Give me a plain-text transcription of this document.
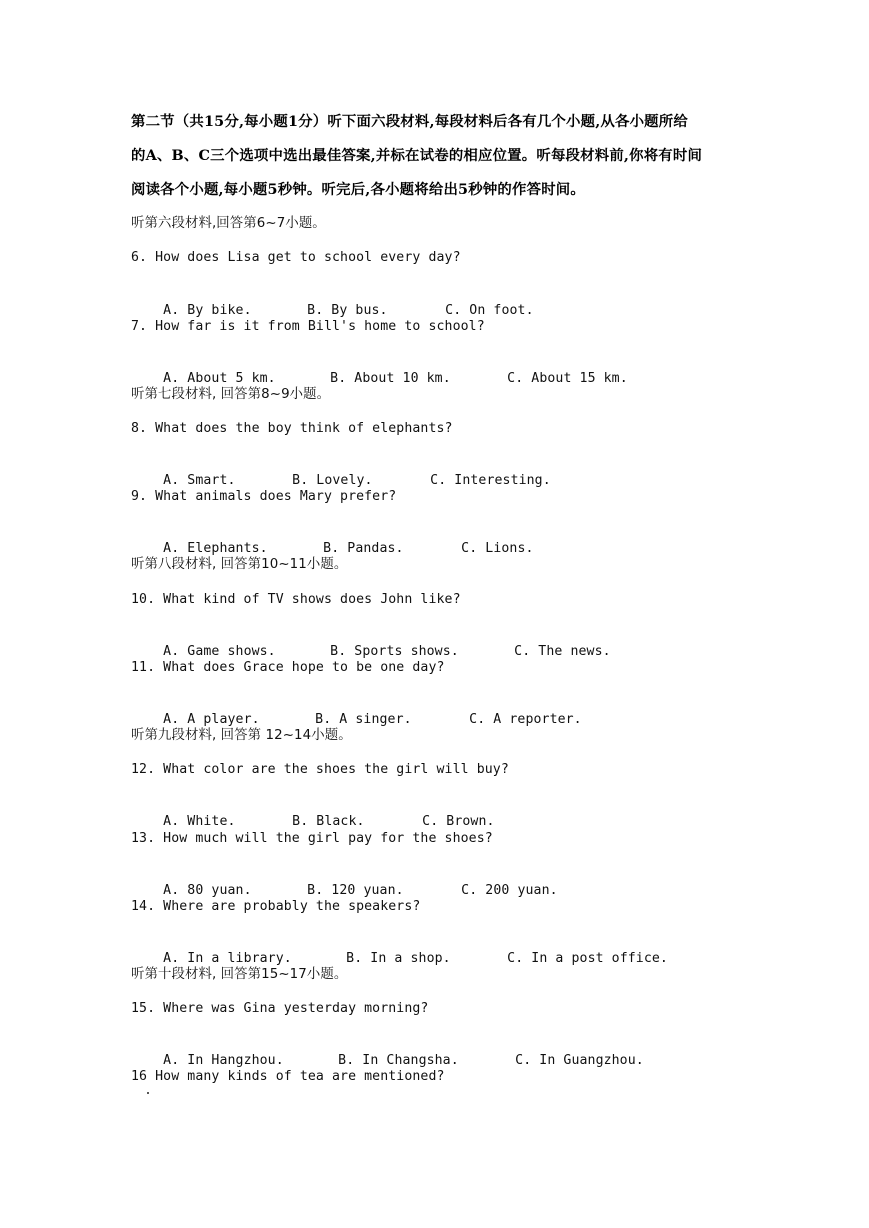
第二节（共15分,每小题1分）听下面六段材料,每段材料后各有几个小题,从各小题所给
的A、B、C三个选项中选出最佳答案,并标在试卷的相应位置。听每段材料前,你将有时间
阅读各个小题,每小题5秒钟。听完后,各小题将给出5秒钟的作答时间。
听第六段材料,回答第6~7小题。
6. How does Lisa get to school every day?

A. By bike.	B. By bus.	C. On foot.

7. How far is it from Bill's home to school?

A. About 5 km.	B. About 10 km.	C. About 15 km.

听第七段材料, 回答第8~9小题。
8. What does the boy think of elephants?

A. Smart.	B. Lovely.	C. Interesting.

9. What animals does Mary prefer?

A. Elephants.	B. Pandas.	C. Lions.

听第八段材料, 回答第10~11小题。
10. What kind of TV shows does John like?

A. Game shows.	B. Sports shows.	C. The news.

11. What does Grace hope to be one day?

A. A player.	B. A singer.	C. A reporter.

听第九段材料, 回答第 12~14小题。
12. What color are the shoes the girl will buy?

A. White.	B. Black.	C. Brown.

13. How much will the girl pay for the shoes?

A. 80 yuan.	B. 120 yuan.	C. 200 yuan.

14. Where are probably the speakers?

A. In a library.	B. In a shop.	C. In a post office.

听第十段材料, 回答第15~17小题。
15. Where was Gina yesterday morning?

A. In Hangzhou.	B. In Changsha.	C. In Guangzhou.

16 How many kinds of tea are mentioned?
